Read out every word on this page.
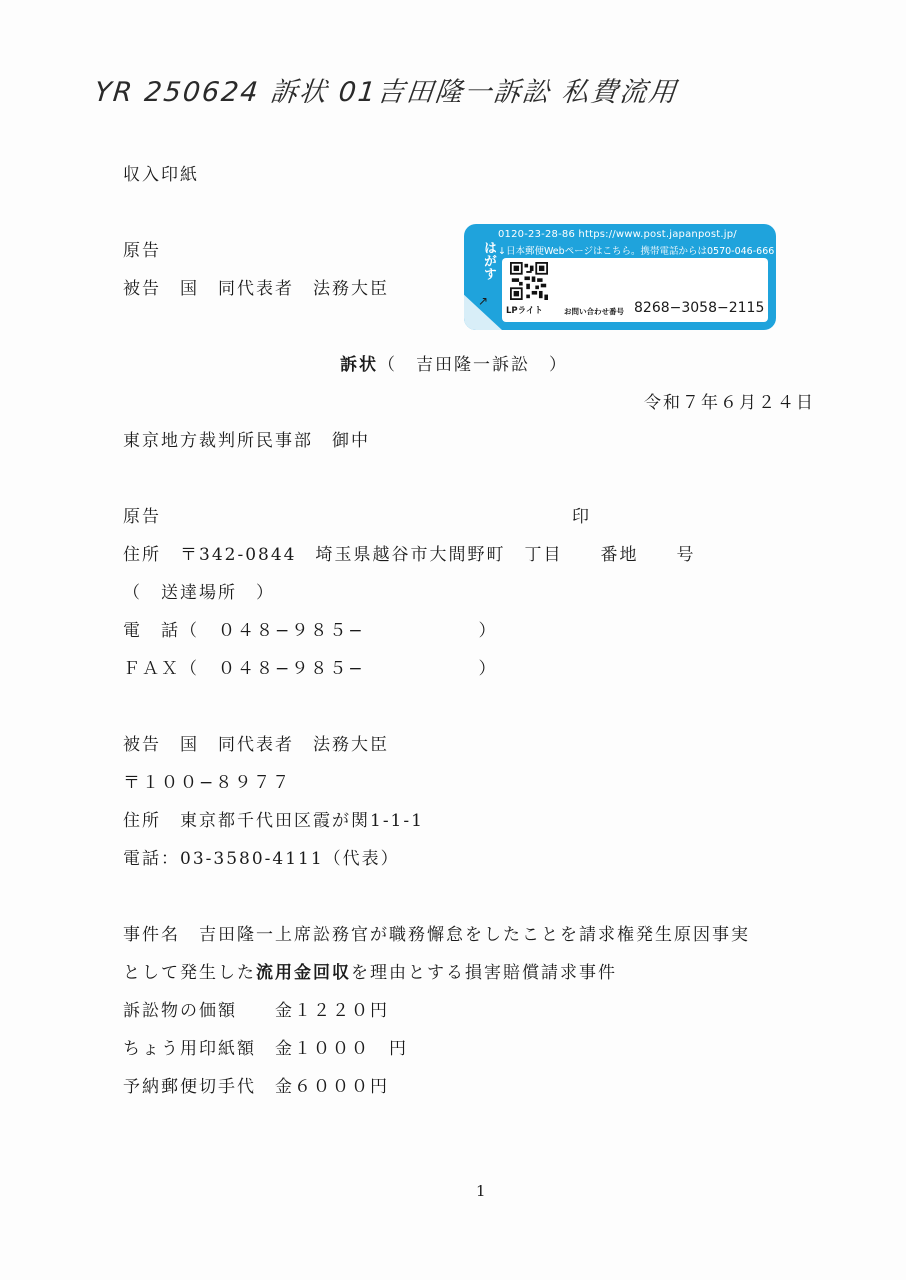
YR 250624 訴状 01吉田隆一訴訟 私費流用
収入印紙
原告
被告　国　同代表者　法務大臣
はがす
0120-23-28-86 https://www.post.japanpost.jp/
↓日本郵便Webページはこちら。携帯電話からは0570-046-666
↗
LPライト	お問い合わせ番号 8268−3058−2115
訴状（　吉田隆一訴訟　）
令和７年６月２４日
東京地方裁判所民事部　御中
原告	印
住所　〒342-0844　埼玉県越谷市大間野町　丁目　　番地　　号
（　送達場所　）
電　話（　０４８−９８５−　　　　　　）
ＦＡＸ（　０４８−９８５−　　　　　　）
被告　国　同代表者　法務大臣
〒１００−８９７７
住所　東京都千代田区霞が関1-1-1
電話：03-3580-4111（代表）
事件名　吉田隆一上席訟務官が職務懈怠をしたことを請求権発生原因事実
として発生した流用金回収を理由とする損害賠償請求事件
訴訟物の価額　　金１２２０円
ちょう用印紙額　金１０００　円
予納郵便切手代　金６０００円
1
